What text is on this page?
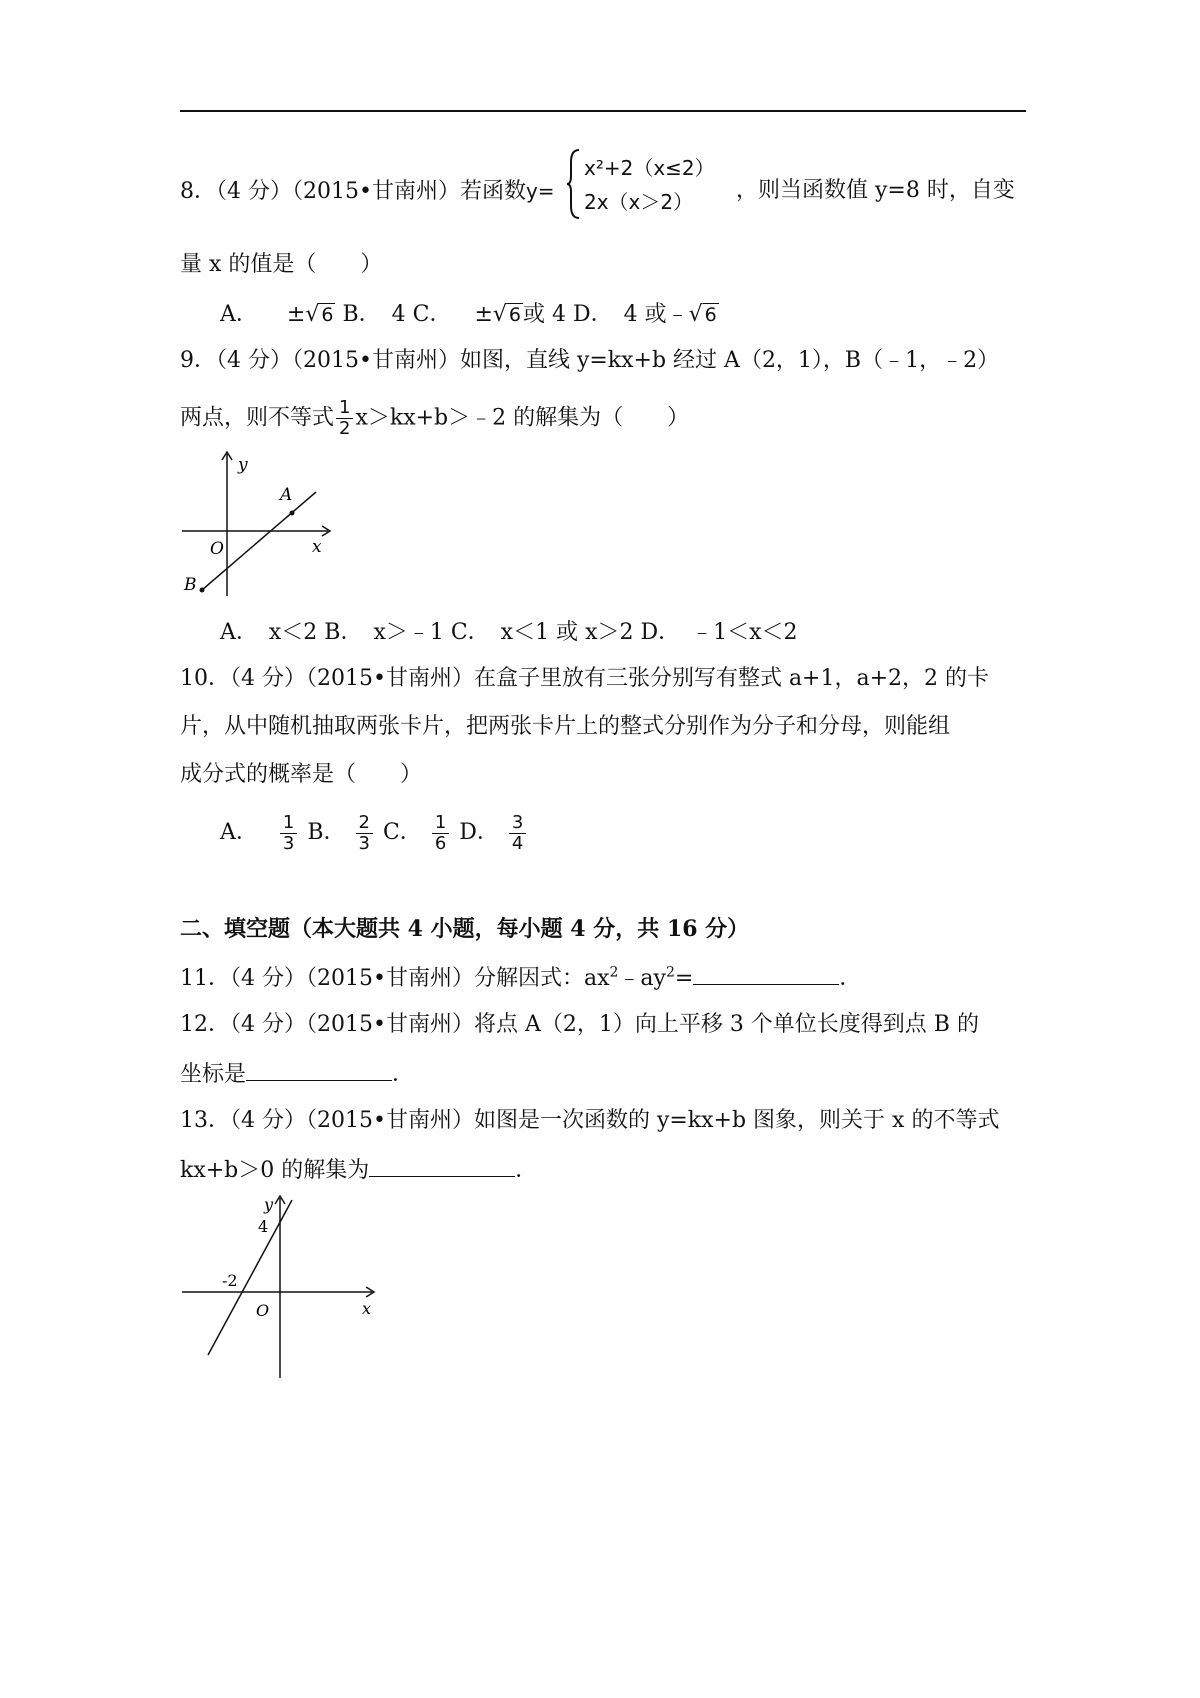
8．（4 分）（2015•甘南州）若函数y=
x²+2（x≤2）
2x（x＞2） ，则当函数值 y=8 时，自变
量 x 的值是（　　）
A． ±√ 6 B．　4 C． ±√ 6或 4 D．　4 或﹣√ 6
9．（4 分）（2015•甘南州）如图，直线 y=kx+b 经过 A（2，1），B（﹣1，﹣2）
两点，则不等式 $\frac{1}{2}$ x＞kx+b＞﹣2 的解集为（　　）
y
x
O
A
B
A．　x＜2 B．　x＞﹣1 C．　x＜1 或 x＞2 D．　﹣1＜x＜2
10．（4 分）（2015•甘南州）在盒子里放有三张分别写有整式 a+1，a+2，2 的卡
片，从中随机抽取两张卡片，把两张卡片上的整式分别作为分子和分母，则能组
成分式的概率是（　　）
A． $\frac{1}{3}$ B． $\frac{2}{3}$ C． $\frac{1}{6}$ D． $\frac{3}{4}$
二、填空题（本大题共 4 小题，每小题 4 分，共 16 分）
11．（4 分）（2015•甘南州）分解因式：$ax^2﹣ay^2=$	．
12．（4 分）（2015•甘南州）将点 A（2，1）向上平移 3 个单位长度得到点 B 的
坐标是	．
13．（4 分）（2015•甘南州）如图是一次函数的 y=kx+b 图象，则关于 x 的不等式
kx+b＞0 的解集为	．
y
x
O
4
-2
